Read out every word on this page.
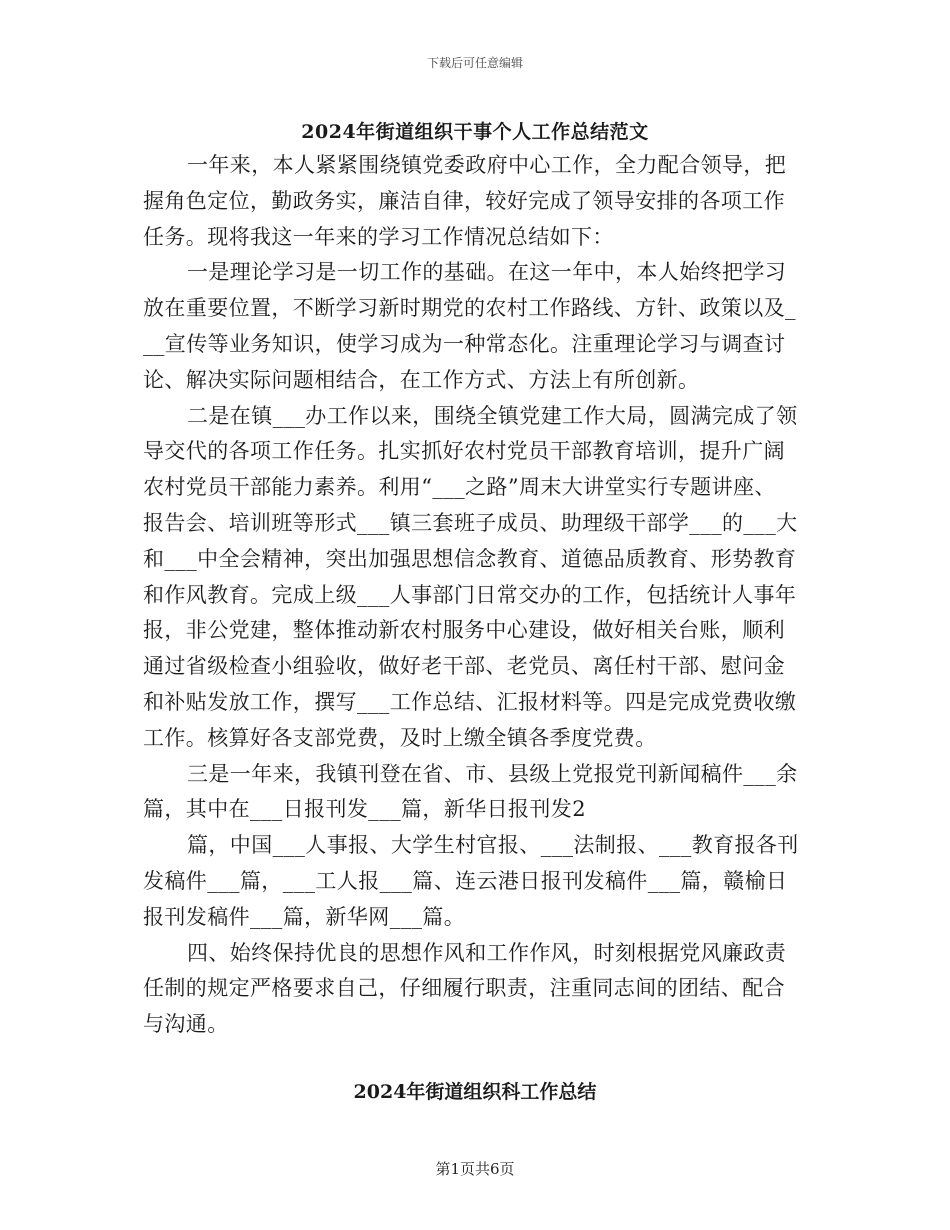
下载后可任意编辑
2024年街道组织干事个人工作总结范文
一年来，本人紧紧围绕镇党委政府中心工作，全力配合领导，把
握角色定位，勤政务实，廉洁自律，较好完成了领导安排的各项工作
任务。现将我这一年来的学习工作情况总结如下：
一是理论学习是一切工作的基础。在这一年中，本人始终把学习
放在重要位置，不断学习新时期党的农村工作路线、方针、政策以及_
__宣传等业务知识，使学习成为一种常态化。注重理论学习与调查讨
论、解决实际问题相结合，在工作方式、方法上有所创新。
二是在镇___办工作以来，围绕全镇党建工作大局，圆满完成了领
导交代的各项工作任务。扎实抓好农村党员干部教育培训，提升广阔
农村党员干部能力素养。利用“___之路”周末大讲堂实行专题讲座、
报告会、培训班等形式___镇三套班子成员、助理级干部学___的___大
和___中全会精神，突出加强思想信念教育、道德品质教育、形势教育
和作风教育。完成上级___人事部门日常交办的工作，包括统计人事年
报，非公党建，整体推动新农村服务中心建设，做好相关台账，顺利
通过省级检查小组验收，做好老干部、老党员、离任村干部、慰问金
和补贴发放工作，撰写___工作总结、汇报材料等。四是完成党费收缴
工作。核算好各支部党费，及时上缴全镇各季度党费。
三是一年来，我镇刊登在省、市、县级上党报党刊新闻稿件___余
篇，其中在___日报刊发___篇，新华日报刊发2
篇，中国___人事报、大学生村官报、___法制报、___教育报各刊
发稿件___篇，___工人报___篇、连云港日报刊发稿件___篇，赣榆日
报刊发稿件___篇，新华网___篇。
四、始终保持优良的思想作风和工作作风，时刻根据党风廉政责
任制的规定严格要求自己，仔细履行职责，注重同志间的团结、配合
与沟通。
2024年街道组织科工作总结
第1页共6页
